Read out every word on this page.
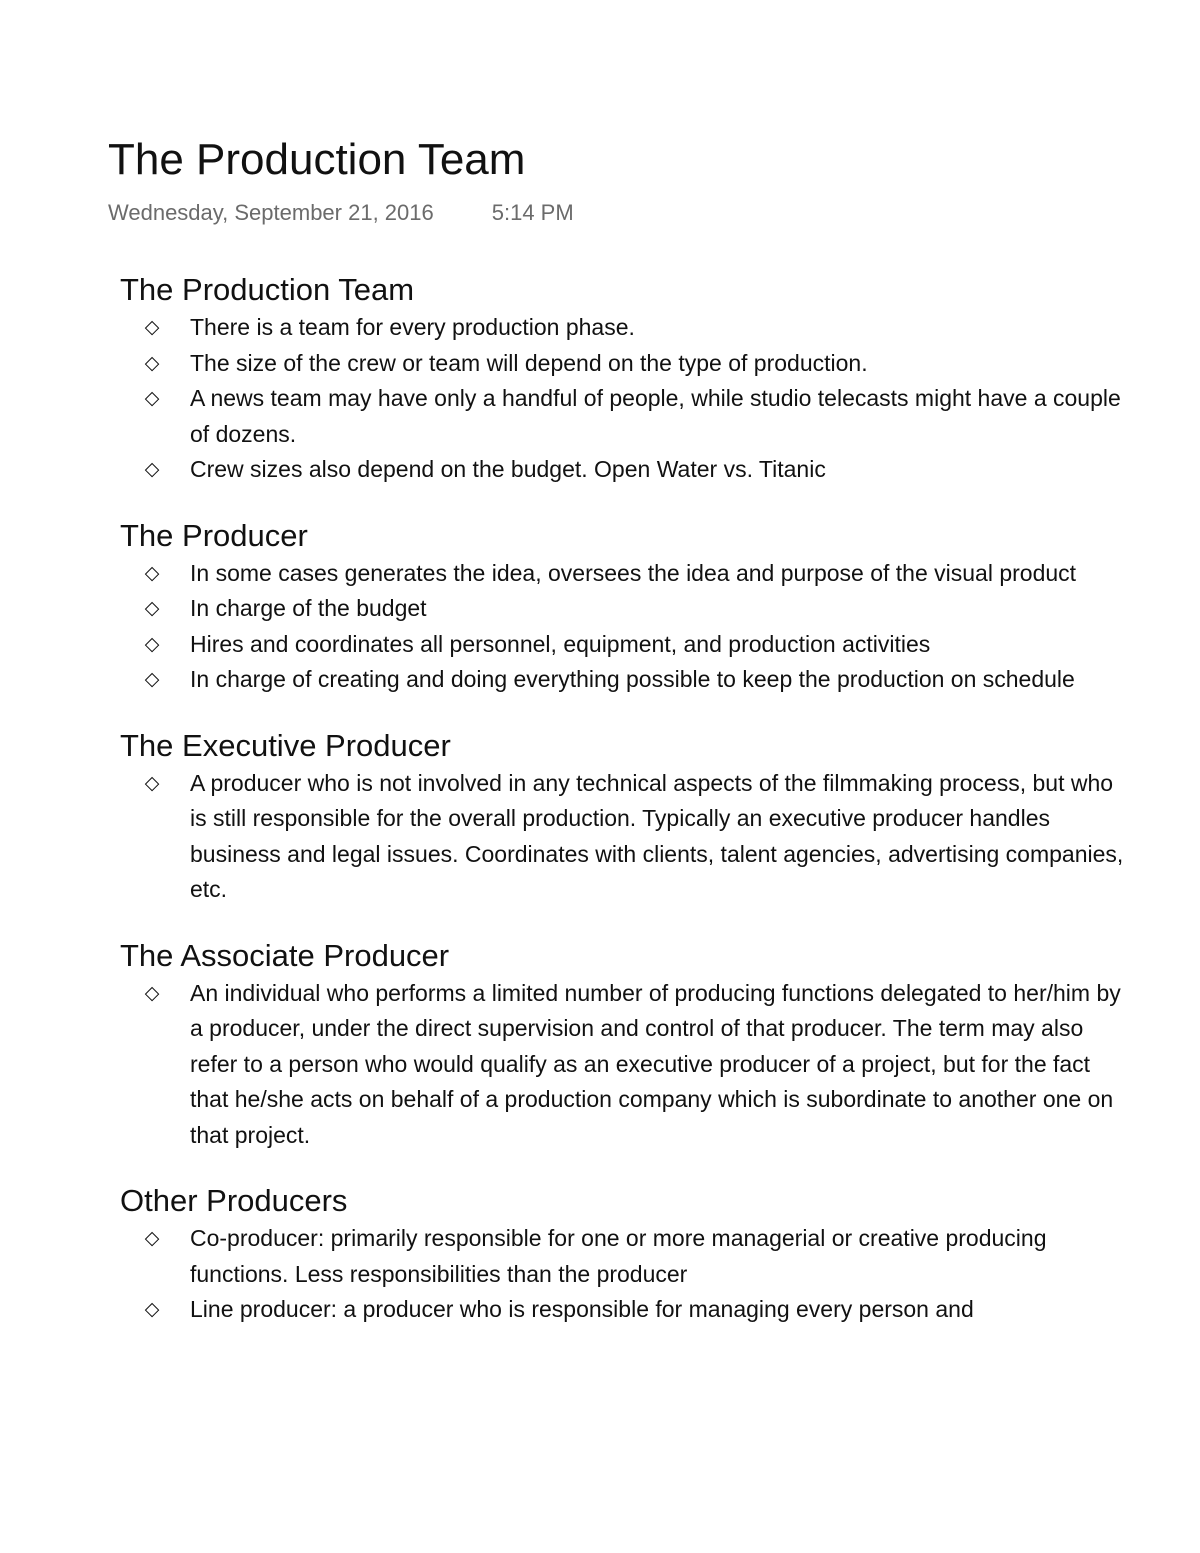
The Production Team
Wednesday, September 21, 2016	5:14 PM
The Production Team
◇ There is a team for every production phase.
◇ The size of the crew or team will depend on the type of production.
◇ A news team may have only a handful of people, while studio telecasts might have a couple of dozens.
◇ Crew sizes also depend on the budget. Open Water vs. Titanic
The Producer
◇ In some cases generates the idea, oversees the idea and purpose of the visual product
◇ In charge of the budget
◇ Hires and coordinates all personnel, equipment, and production activities
◇ In charge of creating and doing everything possible to keep the production on schedule
The Executive Producer
◇ A producer who is not involved in any technical aspects of the filmmaking process, but who is still responsible for the overall production. Typically an executive producer handles business and legal issues. Coordinates with clients, talent agencies, advertising companies, etc.
The Associate Producer
◇ An individual who performs a limited number of producing functions delegated to her/him by a producer, under the direct supervision and control of that producer. The term may also refer to a person who would qualify as an executive producer of a project, but for the fact that he/she acts on behalf of a production company which is subordinate to another one on that project.
Other Producers
◇ Co-producer: primarily responsible for one or more managerial or creative producing functions. Less responsibilities than the producer
◇ Line producer: a producer who is responsible for managing every person and
